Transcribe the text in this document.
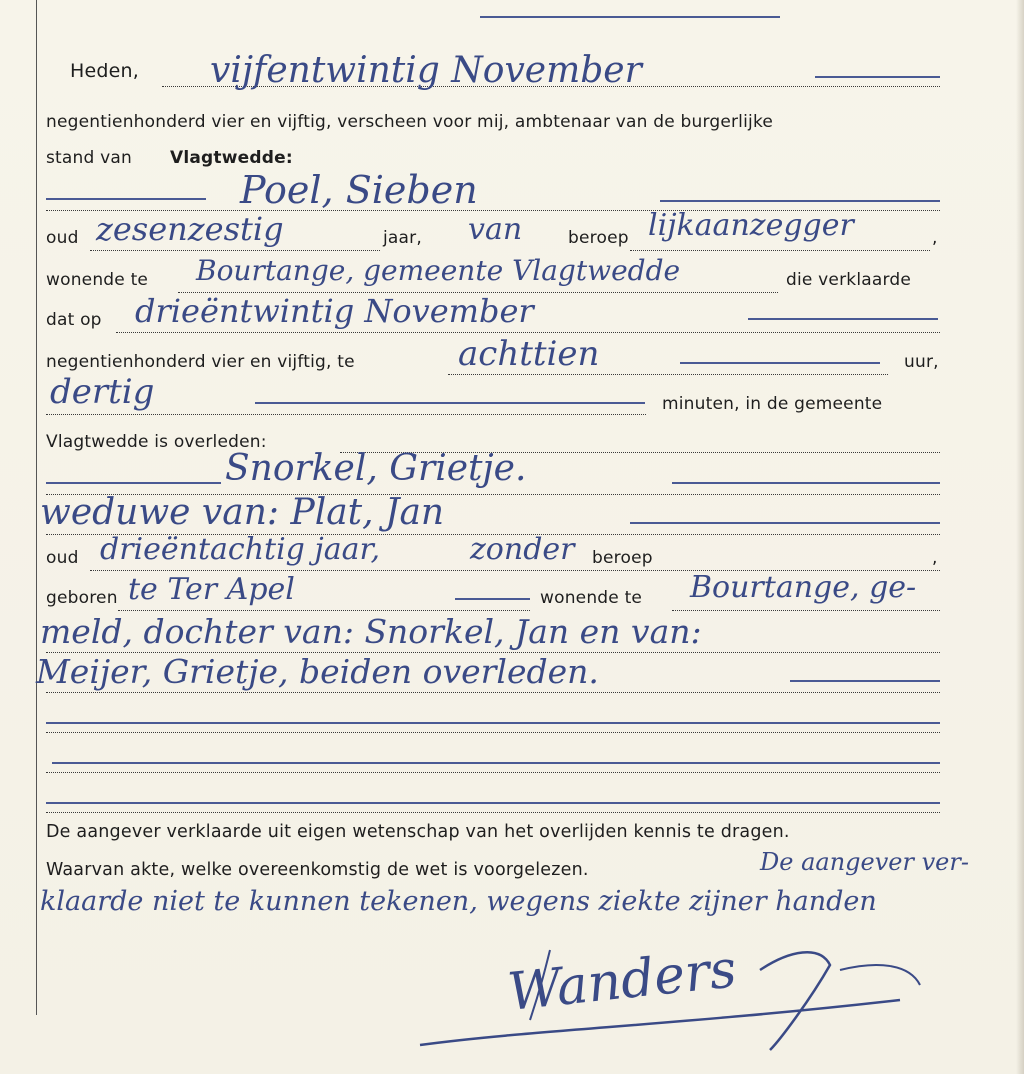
Heden, vijfentwintig November
negentienhonderd vier en vijftig, verscheen voor mij, ambtenaar van de burgerlijke
stand van Vlagtwedde:
Poel, Sieben
oud zesenzestig	jaar, van	beroep lijkaanzegger	,
wonende te Bourtange, gemeente Vlagtwedde	die verklaarde
dat op drieëntwintig November
negentienhonderd vier en vijftig, te	achttien	uur,
dertig	minuten, in de gemeente
Vlagtwedde is overleden:
Snorkel, Grietje.
weduwe van: Plat, Jan
oud drieëntachtig jaar,	zonder beroep	,
geboren te Ter Apel	wonende te Bourtange, ge-
meld, dochter van: Snorkel, Jan en van:
Meijer, Grietje, beiden overleden.
De aangever verklaarde uit eigen wetenschap van het overlijden kennis te dragen.
Waarvan akte, welke overeenkomstig de wet is voorgelezen.	De aangever ver-
klaarde niet te kunnen tekenen, wegens ziekte zijner handen
Wanders
